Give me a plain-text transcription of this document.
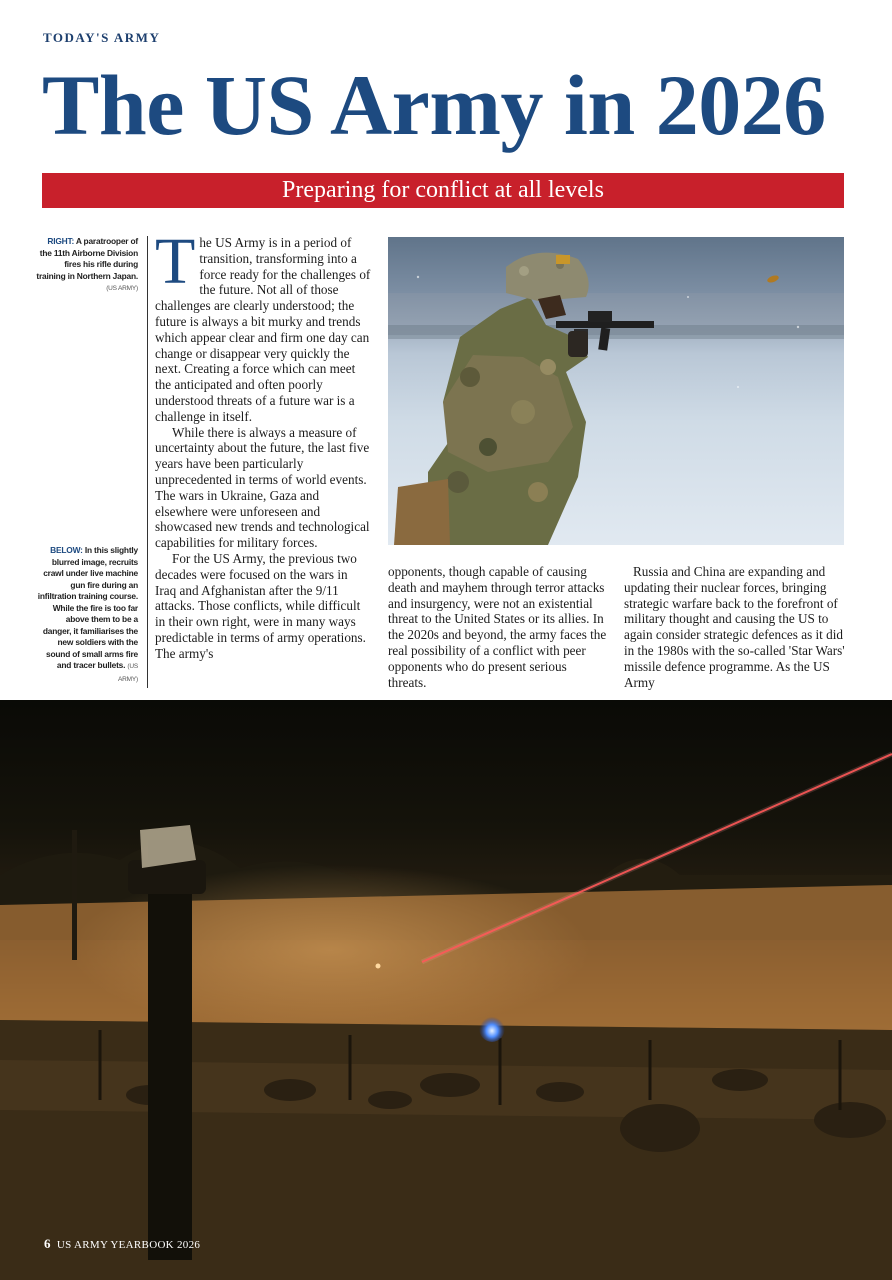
TODAY'S ARMY
The US Army in 2026
Preparing for conflict at all levels
RIGHT: A paratrooper of the 11th Airborne Division fires his rifle during training in Northern Japan. (US ARMY)
BELOW: In this slightly blurred image, recruits crawl under live machine gun fire during an infiltration training course. While the fire is too far above them to be a danger, it familiarises the new soldiers with the sound of small arms fire and tracer bullets. (US ARMY)

The US Army is in a period of transition, transforming into a force ready for the challenges of the future. Not all of those challenges are clearly understood; the future is always a bit murky and trends which appear clear and firm one day can change or disappear very quickly the next. Creating a force which can meet the anticipated and often poorly understood threats of a future war is a challenge in itself.

While there is always a measure of uncertainty about the future, the last five years have been particularly unprecedented in terms of world events. The wars in Ukraine, Gaza and elsewhere were unforeseen and showcased new trends and technological capabilities for military forces.

For the US Army, the previous two decades were focused on the wars in Iraq and Afghanistan after the 9/11 attacks. Those conflicts, while difficult in their own right, were in many ways predictable in terms of army operations. The army's

opponents, though capable of causing death and mayhem through terror attacks and insurgency, were not an existential threat to the United States or its allies. In the 2020s and beyond, the army faces the real possibility of a conflict with peer opponents who do present serious threats.

Russia and China are expanding and updating their nuclear forces, bringing strategic warfare back to the forefront of military thought and causing the US to again consider strategic defences as it did in the 1980s with the so-called 'Star Wars' missile defence programme. As the US Army

6 US ARMY YEARBOOK 2026
